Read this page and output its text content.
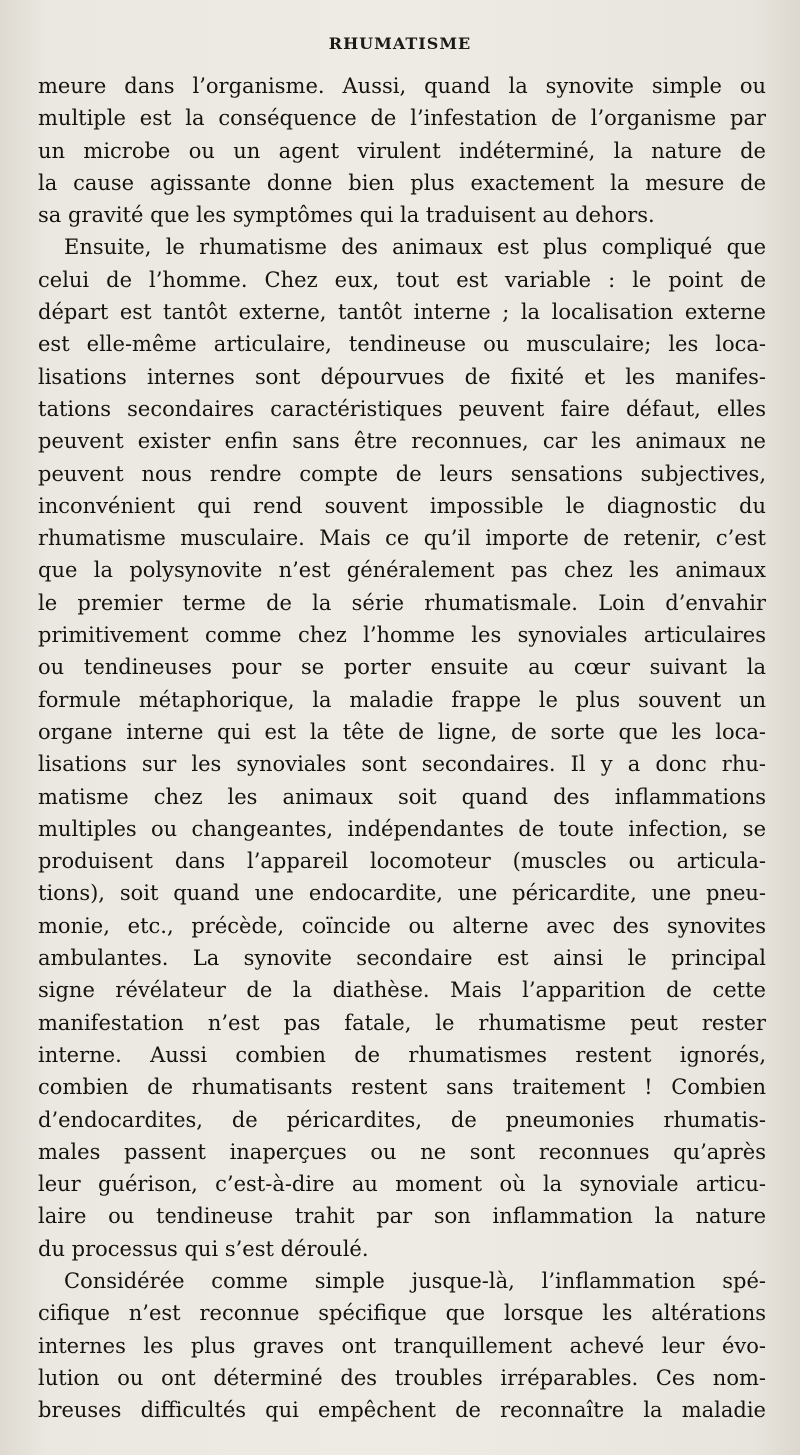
RHUMATISME
meure dans l’organisme. Aussi, quand la synovite simple ou
multiple est la conséquence de l’infestation de l’organisme par
un microbe ou un agent virulent indéterminé, la nature de
la cause agissante donne bien plus exactement la mesure de
sa gravité que les symptômes qui la traduisent au dehors.
Ensuite, le rhumatisme des animaux est plus compliqué que
celui de l’homme. Chez eux, tout est variable : le point de
départ est tantôt externe, tantôt interne ; la localisation externe
est elle-même articulaire, tendineuse ou musculaire; les loca-
lisations internes sont dépourvues de fixité et les manifes-
tations secondaires caractéristiques peuvent faire défaut, elles
peuvent exister enfin sans être reconnues, car les animaux ne
peuvent nous rendre compte de leurs sensations subjectives,
inconvénient qui rend souvent impossible le diagnostic du
rhumatisme musculaire. Mais ce qu’il importe de retenir, c’est
que la polysynovite n’est généralement pas chez les animaux
le premier terme de la série rhumatismale. Loin d’envahir
primitivement comme chez l’homme les synoviales articulaires
ou tendineuses pour se porter ensuite au cœur suivant la
formule métaphorique, la maladie frappe le plus souvent un
organe interne qui est la tête de ligne, de sorte que les loca-
lisations sur les synoviales sont secondaires. Il y a donc rhu-
matisme chez les animaux soit quand des inflammations
multiples ou changeantes, indépendantes de toute infection, se
produisent dans l’appareil locomoteur (muscles ou articula-
tions), soit quand une endocardite, une péricardite, une pneu-
monie, etc., précède, coïncide ou alterne avec des synovites
ambulantes. La synovite secondaire est ainsi le principal
signe révélateur de la diathèse. Mais l’apparition de cette
manifestation n’est pas fatale, le rhumatisme peut rester
interne. Aussi combien de rhumatismes restent ignorés,
combien de rhumatisants restent sans traitement ! Combien
d’endocardites, de péricardites, de pneumonies rhumatis-
males passent inaperçues ou ne sont reconnues qu’après
leur guérison, c’est-à-dire au moment où la synoviale articu-
laire ou tendineuse trahit par son inflammation la nature
du processus qui s’est déroulé.
Considérée comme simple jusque-là, l’inflammation spé-
cifique n’est reconnue spécifique que lorsque les altérations
internes les plus graves ont tranquillement achevé leur évo-
lution ou ont déterminé des troubles irréparables. Ces nom-
breuses difficultés qui empêchent de reconnaître la maladie
